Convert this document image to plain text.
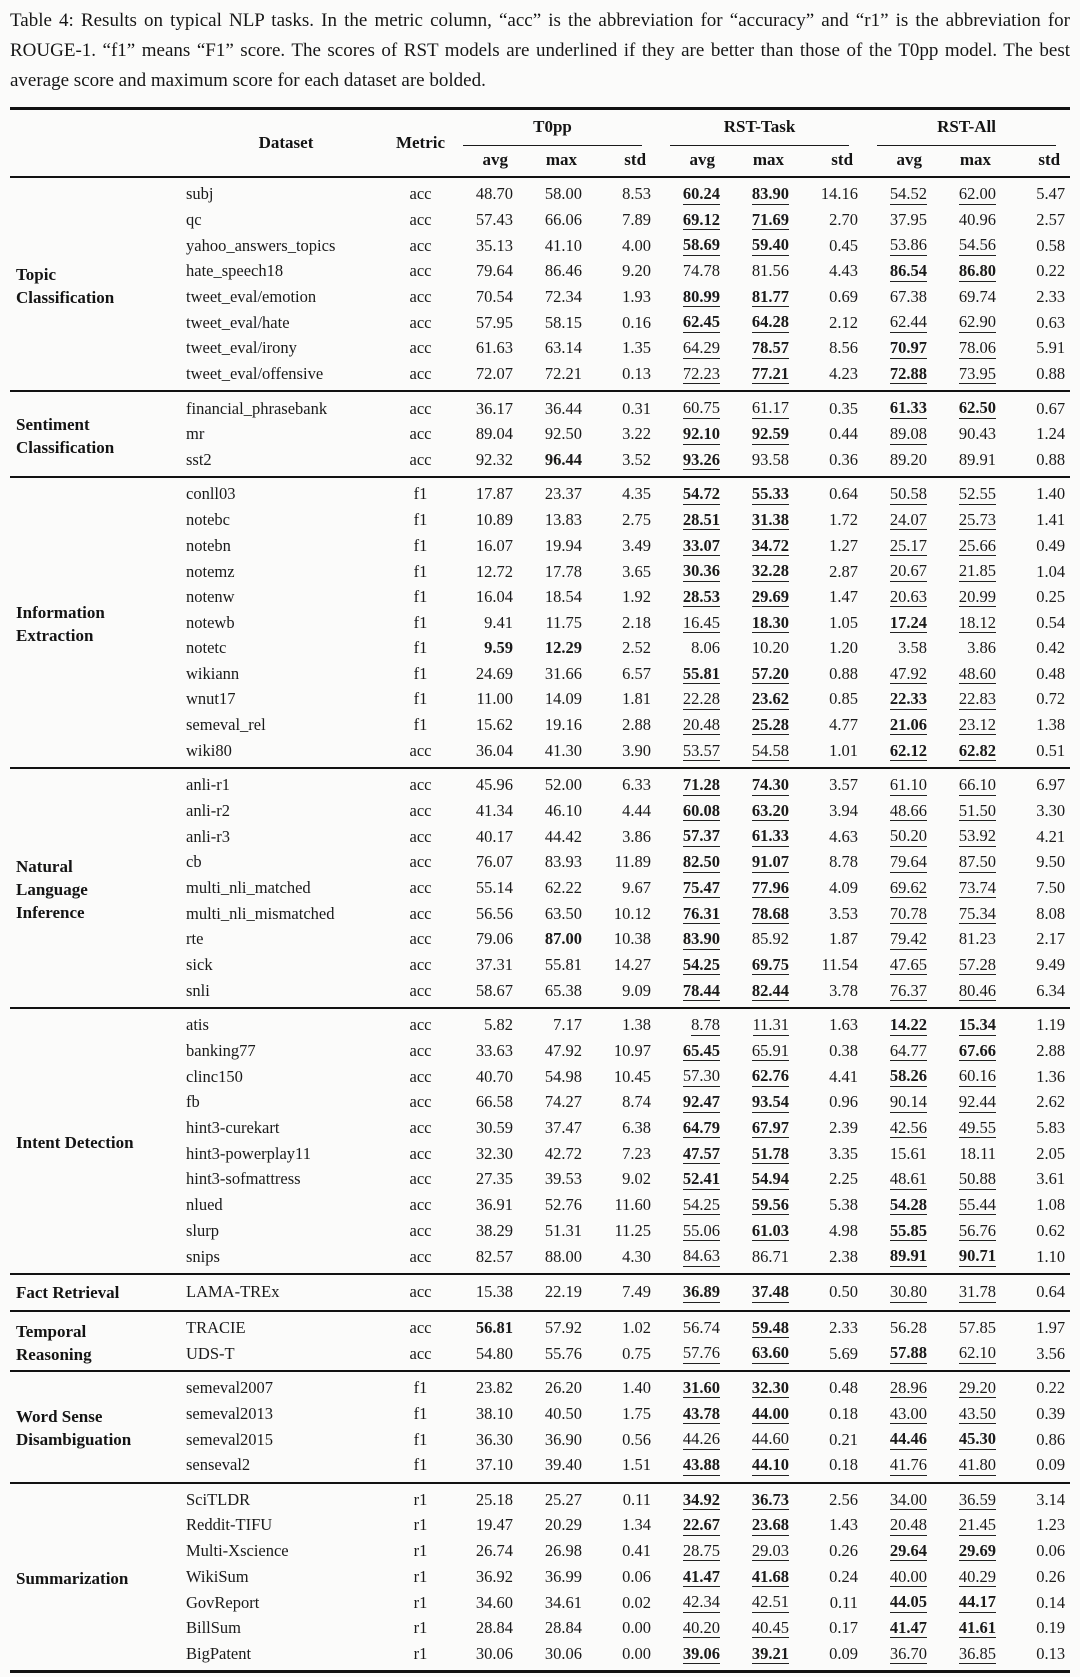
Table 4: Results on typical NLP tasks. In the metric column, “acc” is the abbreviation for “accuracy” and “r1” is the abbreviation for ROUGE-1. “f1” means “F1” score. The scores of RST models are underlined if they are better than those of the T0pp model. The best average score and maximum score for each dataset are bolded.

	Dataset	Metric	T0pp			RST-Task			RST-All		

			avg	max	std	avg	max	std	avg	max	std

Topic Classification	subj	acc	48.70	58.00	8.53	60.24	83.90	14.16	54.52	62.00	5.47
	qc	acc	57.43	66.06	7.89	69.12	71.69	2.70	37.95	40.96	2.57
	yahoo_answers_topics	acc	35.13	41.10	4.00	58.69	59.40	0.45	53.86	54.56	0.58
	hate_speech18	acc	79.64	86.46	9.20	74.78	81.56	4.43	86.54	86.80	0.22
	tweet_eval/emotion	acc	70.54	72.34	1.93	80.99	81.77	0.69	67.38	69.74	2.33
	tweet_eval/hate	acc	57.95	58.15	0.16	62.45	64.28	2.12	62.44	62.90	0.63
	tweet_eval/irony	acc	61.63	63.14	1.35	64.29	78.57	8.56	70.97	78.06	5.91
	tweet_eval/offensive	acc	72.07	72.21	0.13	72.23	77.21	4.23	72.88	73.95	0.88

Sentiment Classification	financial_phrasebank	acc	36.17	36.44	0.31	60.75	61.17	0.35	61.33	62.50	0.67
	mr	acc	89.04	92.50	3.22	92.10	92.59	0.44	89.08	90.43	1.24
	sst2	acc	92.32	96.44	3.52	93.26	93.58	0.36	89.20	89.91	0.88

Information Extraction	conll03	f1	17.87	23.37	4.35	54.72	55.33	0.64	50.58	52.55	1.40
	notebc	f1	10.89	13.83	2.75	28.51	31.38	1.72	24.07	25.73	1.41
	notebn	f1	16.07	19.94	3.49	33.07	34.72	1.27	25.17	25.66	0.49
	notemz	f1	12.72	17.78	3.65	30.36	32.28	2.87	20.67	21.85	1.04
	notenw	f1	16.04	18.54	1.92	28.53	29.69	1.47	20.63	20.99	0.25
	notewb	f1	9.41	11.75	2.18	16.45	18.30	1.05	17.24	18.12	0.54
	notetc	f1	9.59	12.29	2.52	8.06	10.20	1.20	3.58	3.86	0.42
	wikiann	f1	24.69	31.66	6.57	55.81	57.20	0.88	47.92	48.60	0.48
	wnut17	f1	11.00	14.09	1.81	22.28	23.62	0.85	22.33	22.83	0.72
	semeval_rel	f1	15.62	19.16	2.88	20.48	25.28	4.77	21.06	23.12	1.38
	wiki80	acc	36.04	41.30	3.90	53.57	54.58	1.01	62.12	62.82	0.51

Natural Language Inference	anli-r1	acc	45.96	52.00	6.33	71.28	74.30	3.57	61.10	66.10	6.97
	anli-r2	acc	41.34	46.10	4.44	60.08	63.20	3.94	48.66	51.50	3.30
	anli-r3	acc	40.17	44.42	3.86	57.37	61.33	4.63	50.20	53.92	4.21
	cb	acc	76.07	83.93	11.89	82.50	91.07	8.78	79.64	87.50	9.50
	multi_nli_matched	acc	55.14	62.22	9.67	75.47	77.96	4.09	69.62	73.74	7.50
	multi_nli_mismatched	acc	56.56	63.50	10.12	76.31	78.68	3.53	70.78	75.34	8.08
	rte	acc	79.06	87.00	10.38	83.90	85.92	1.87	79.42	81.23	2.17
	sick	acc	37.31	55.81	14.27	54.25	69.75	11.54	47.65	57.28	9.49
	snli	acc	58.67	65.38	9.09	78.44	82.44	3.78	76.37	80.46	6.34

Intent Detection	atis	acc	5.82	7.17	1.38	8.78	11.31	1.63	14.22	15.34	1.19
	banking77	acc	33.63	47.92	10.97	65.45	65.91	0.38	64.77	67.66	2.88
	clinc150	acc	40.70	54.98	10.45	57.30	62.76	4.41	58.26	60.16	1.36
	fb	acc	66.58	74.27	8.74	92.47	93.54	0.96	90.14	92.44	2.62
	hint3-curekart	acc	30.59	37.47	6.38	64.79	67.97	2.39	42.56	49.55	5.83
	hint3-powerplay11	acc	32.30	42.72	7.23	47.57	51.78	3.35	15.61	18.11	2.05
	hint3-sofmattress	acc	27.35	39.53	9.02	52.41	54.94	2.25	48.61	50.88	3.61
	nlued	acc	36.91	52.76	11.60	54.25	59.56	5.38	54.28	55.44	1.08
	slurp	acc	38.29	51.31	11.25	55.06	61.03	4.98	55.85	56.76	0.62
	snips	acc	82.57	88.00	4.30	84.63	86.71	2.38	89.91	90.71	1.10

Fact Retrieval	LAMA-TREx	acc	15.38	22.19	7.49	36.89	37.48	0.50	30.80	31.78	0.64

Temporal Reasoning	TRACIE	acc	56.81	57.92	1.02	56.74	59.48	2.33	56.28	57.85	1.97
	UDS-T	acc	54.80	55.76	0.75	57.76	63.60	5.69	57.88	62.10	3.56

Word Sense Disambiguation	semeval2007	f1	23.82	26.20	1.40	31.60	32.30	0.48	28.96	29.20	0.22
	semeval2013	f1	38.10	40.50	1.75	43.78	44.00	0.18	43.00	43.50	0.39
	semeval2015	f1	36.30	36.90	0.56	44.26	44.60	0.21	44.46	45.30	0.86
	senseval2	f1	37.10	39.40	1.51	43.88	44.10	0.18	41.76	41.80	0.09

Summarization	SciTLDR	r1	25.18	25.27	0.11	34.92	36.73	2.56	34.00	36.59	3.14
	Reddit-TIFU	r1	19.47	20.29	1.34	22.67	23.68	1.43	20.48	21.45	1.23
	Multi-Xscience	r1	26.74	26.98	0.41	28.75	29.03	0.26	29.64	29.69	0.06
	WikiSum	r1	36.92	36.99	0.06	41.47	41.68	0.24	40.00	40.29	0.26
	GovReport	r1	34.60	34.61	0.02	42.34	42.51	0.11	44.05	44.17	0.14
	BillSum	r1	28.84	28.84	0.00	40.20	40.45	0.17	41.47	41.61	0.19
	BigPatent	r1	30.06	30.06	0.00	39.06	39.21	0.09	36.70	36.85	0.13
